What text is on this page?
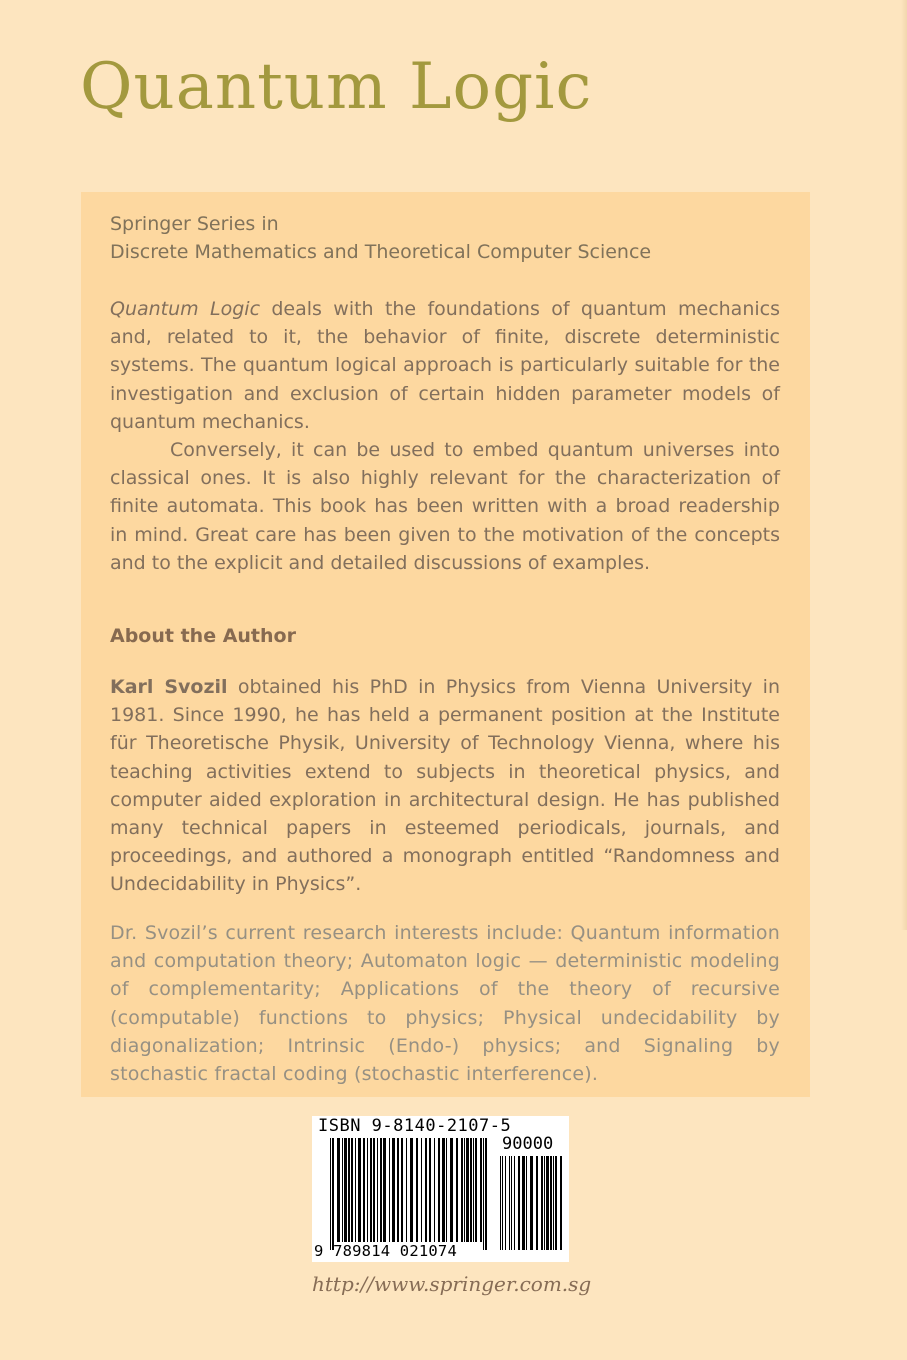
Quantum Logic
Springer Series in
Discrete Mathematics and Theoretical Computer Science

Quantum Logic deals with the foundations of quantum mechanics and, related to it, the behavior of finite, discrete deterministic systems. The quantum logical approach is particularly suitable for the investigation and exclusion of certain hidden parameter models of quantum mechanics.

Conversely, it can be used to embed quantum universes into classical ones. It is also highly relevant for the characterization of finite automata. This book has been written with a broad readership in mind. Great care has been given to the motivation of the concepts and to the explicit and detailed discussions of examples.

About the Author

Karl Svozil obtained his PhD in Physics from Vienna University in 1981. Since 1990, he has held a permanent position at the Institute für Theoretische Physik, University of Technology Vienna, where his teaching activities extend to subjects in theoretical physics, and computer aided exploration in architectural design. He has published many technical papers in esteemed periodicals, journals, and proceedings, and authored a monograph entitled “Randomness and Undecidability in Physics”.

Dr. Svozil’s current research interests include: Quantum information and computation theory; Automaton logic — deterministic modeling of complementarity; Applications of the theory of recursive (computable) functions to physics; Physical undecidability by diagonalization; Intrinsic (Endo-) physics; and Signaling by stochastic fractal coding (stochastic interference).

ISBN 9-8140-2107-5
90000
9 789814 021074
http://www.springer.com.sg
